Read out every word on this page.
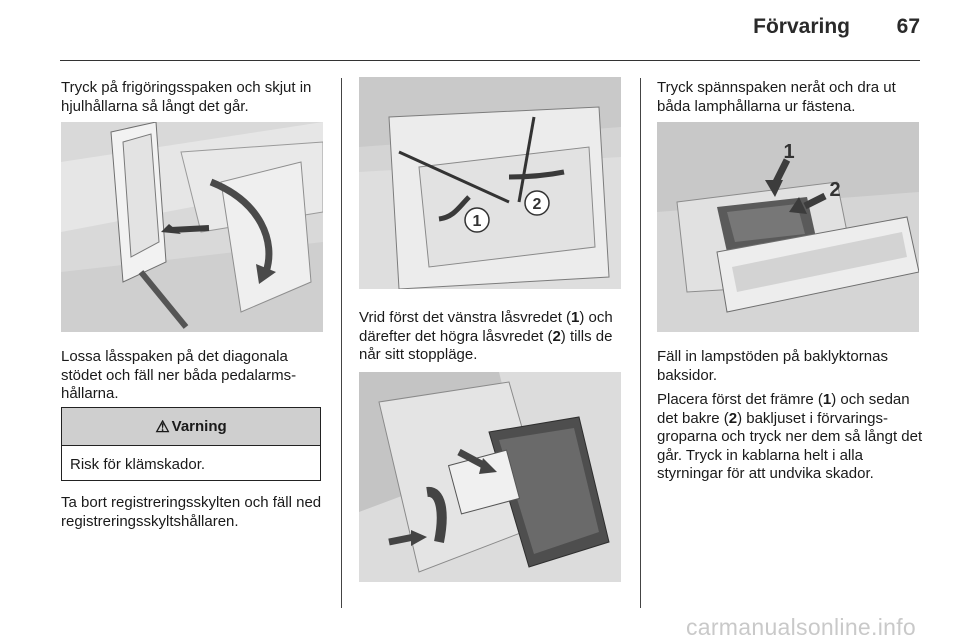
Förvaring	67

Tryck på frigöringsspaken och skjut in hjulhållarna så långt det går.

Lossa låsspaken på det diagonala stödet och fäll ner båda pedalarms-hållarna.

⚠ Varning
Risk för klämskador.

Ta bort registreringsskylten och fäll ned registreringsskyltshållaren.

1
2

Vrid först det vänstra låsvredet (1) och därefter det högra låsvredet (2) tills de når sitt stoppläge.

Tryck spännspaken neråt och dra ut båda lamphållarna ur fästena.

1
2

Fäll in lampstöden på baklyktornas baksidor.

Placera först det främre (1) och sedan det bakre (2) bakljuset i förvarings-groparna och tryck ner dem så långt det går. Tryck in kablarna helt i alla styrningar för att undvika skador.

carmanualsonline.info
